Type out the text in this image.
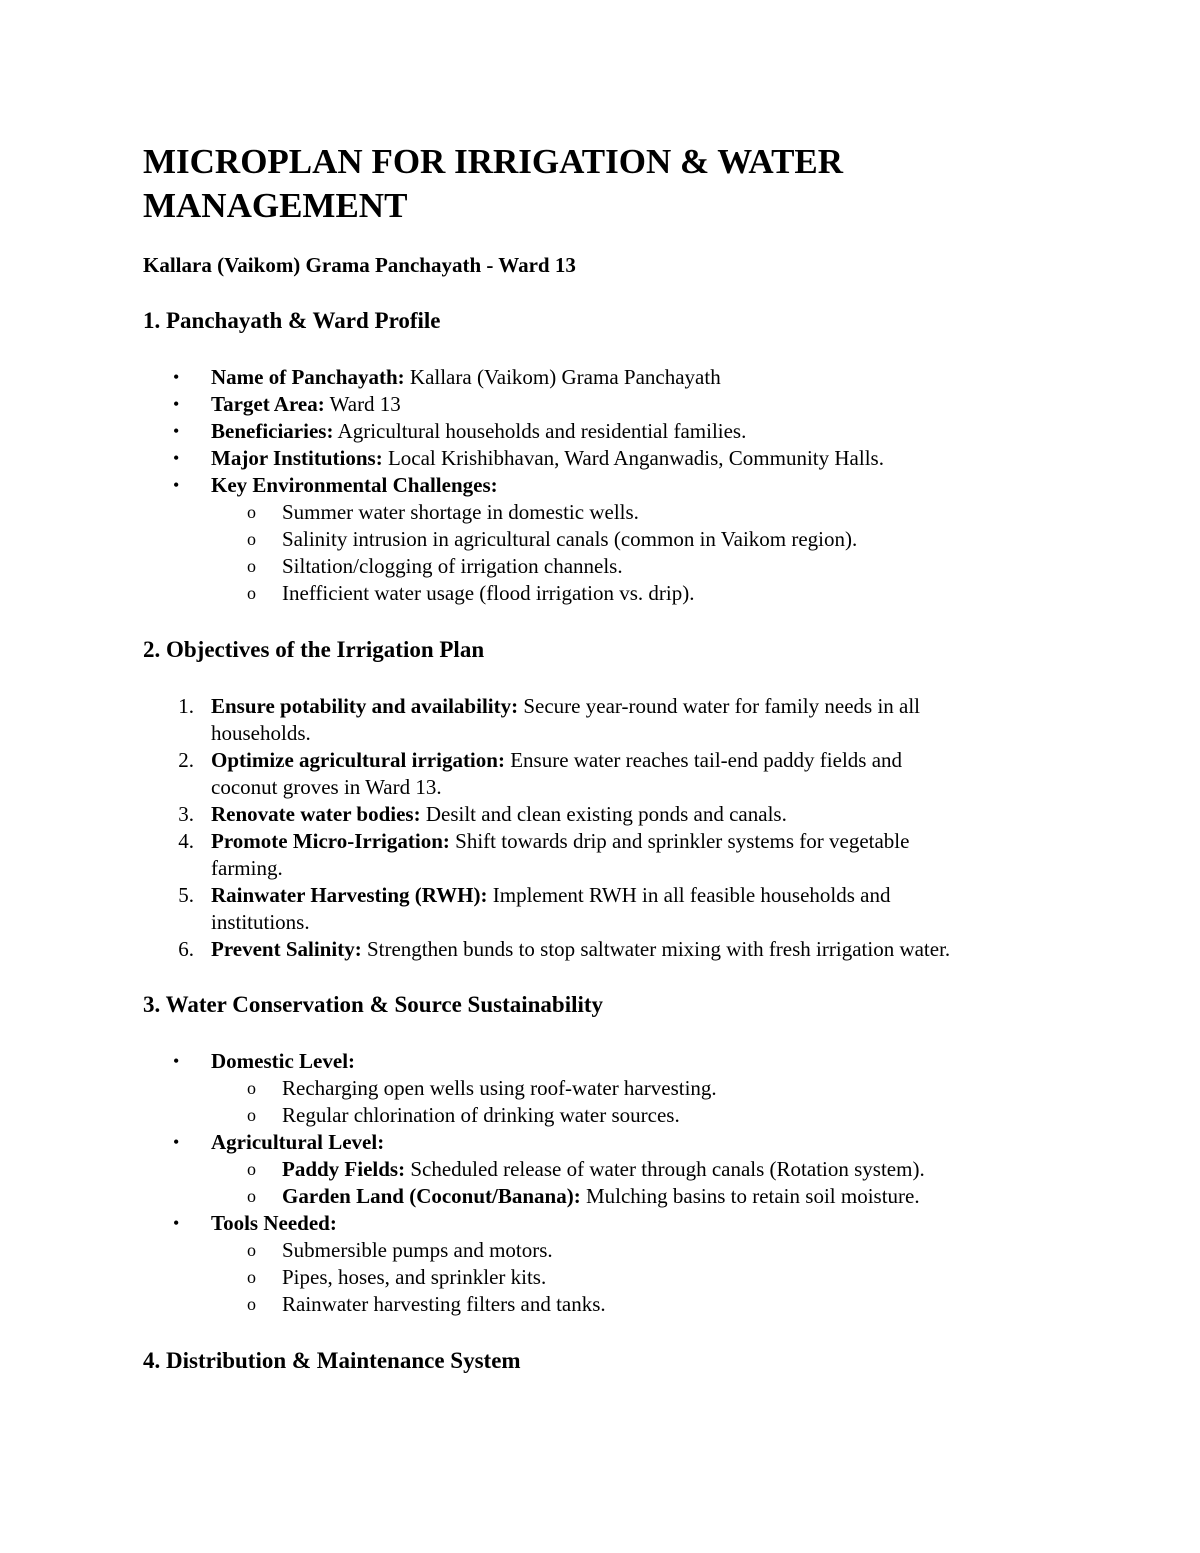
MICROPLAN FOR IRRIGATION & WATER MANAGEMENT

Kallara (Vaikom) Grama Panchayath - Ward 13

1. Panchayath & Ward Profile
• Name of Panchayath: Kallara (Vaikom) Grama Panchayath
• Target Area: Ward 13
• Beneficiaries: Agricultural households and residential families.
• Major Institutions: Local Krishibhavan, Ward Anganwadis, Community Halls.
• Key Environmental Challenges:
o Summer water shortage in domestic wells.
o Salinity intrusion in agricultural canals (common in Vaikom region).
o Siltation/clogging of irrigation channels.
o Inefficient water usage (flood irrigation vs. drip).
2. Objectives of the Irrigation Plan
1. Ensure potability and availability: Secure year-round water for family needs in all
households.
2. Optimize agricultural irrigation: Ensure water reaches tail-end paddy fields and
coconut groves in Ward 13.
3. Renovate water bodies: Desilt and clean existing ponds and canals.
4. Promote Micro-Irrigation: Shift towards drip and sprinkler systems for vegetable
farming.
5. Rainwater Harvesting (RWH): Implement RWH in all feasible households and
institutions.
6. Prevent Salinity: Strengthen bunds to stop saltwater mixing with fresh irrigation water.
3. Water Conservation & Source Sustainability
• Domestic Level:
o Recharging open wells using roof-water harvesting.
o Regular chlorination of drinking water sources.
• Agricultural Level:
o Paddy Fields: Scheduled release of water through canals (Rotation system).
o Garden Land (Coconut/Banana): Mulching basins to retain soil moisture.
• Tools Needed:
o Submersible pumps and motors.
o Pipes, hoses, and sprinkler kits.
o Rainwater harvesting filters and tanks.
4. Distribution & Maintenance System
